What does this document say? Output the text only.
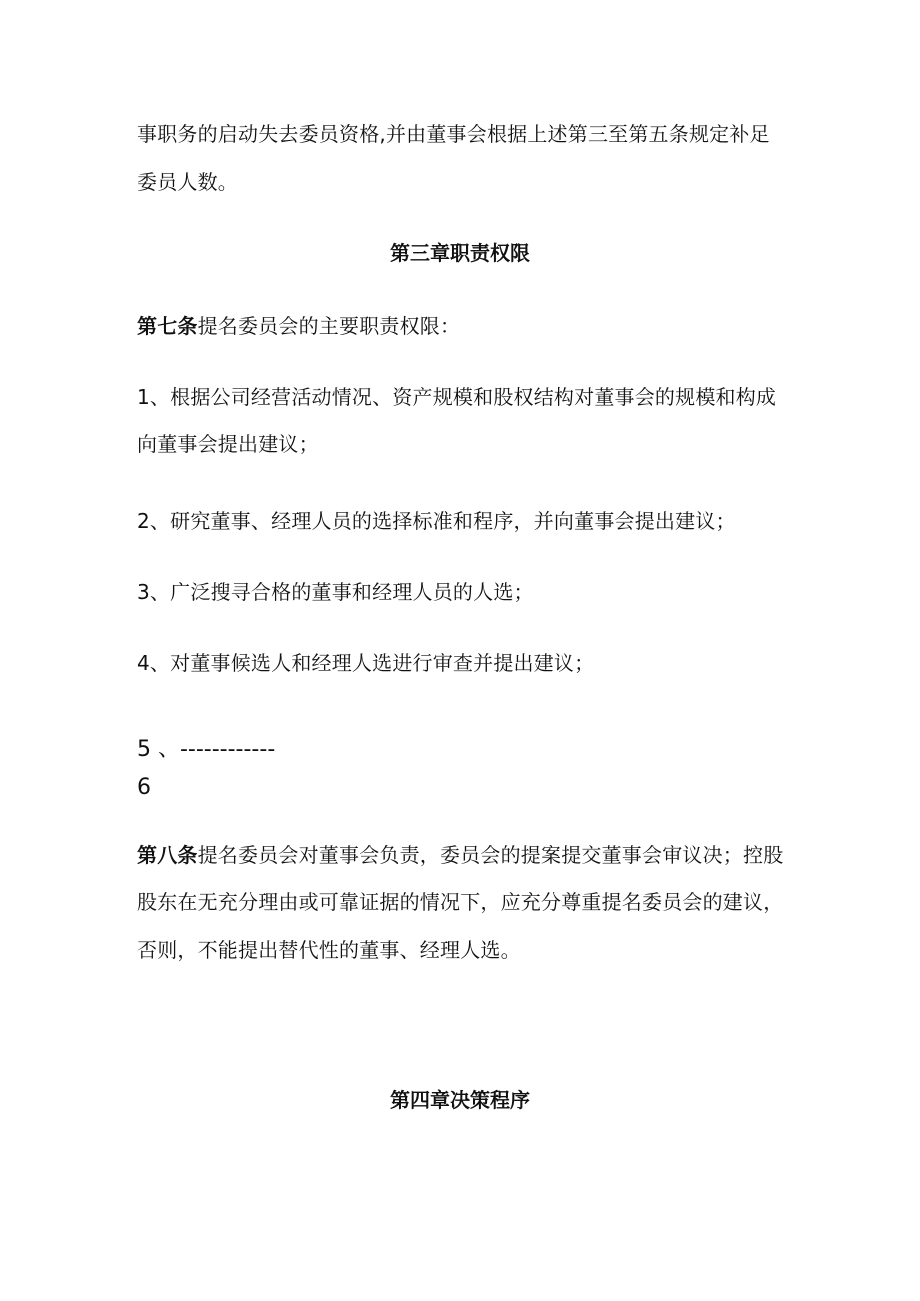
事职务的启动失去委员资格,并由董事会根据上述第三至第五条规定补足
委员人数。
第三章职责权限
第七条提名委员会的主要职责权限：
1、根据公司经营活动情况、资产规模和股权结构对董事会的规模和构成
向董事会提出建议；
2、研究董事、经理人员的选择标准和程序，并向董事会提出建议；
3、广泛搜寻合格的董事和经理人员的人选；
4、对董事候选人和经理人选进行审查并提出建议；
5 、------------
6
第八条提名委员会对董事会负责，委员会的提案提交董事会审议决；控股
股东在无充分理由或可靠证据的情况下，应充分尊重提名委员会的建议，
否则，不能提出替代性的董事、经理人选。
第四章决策程序
